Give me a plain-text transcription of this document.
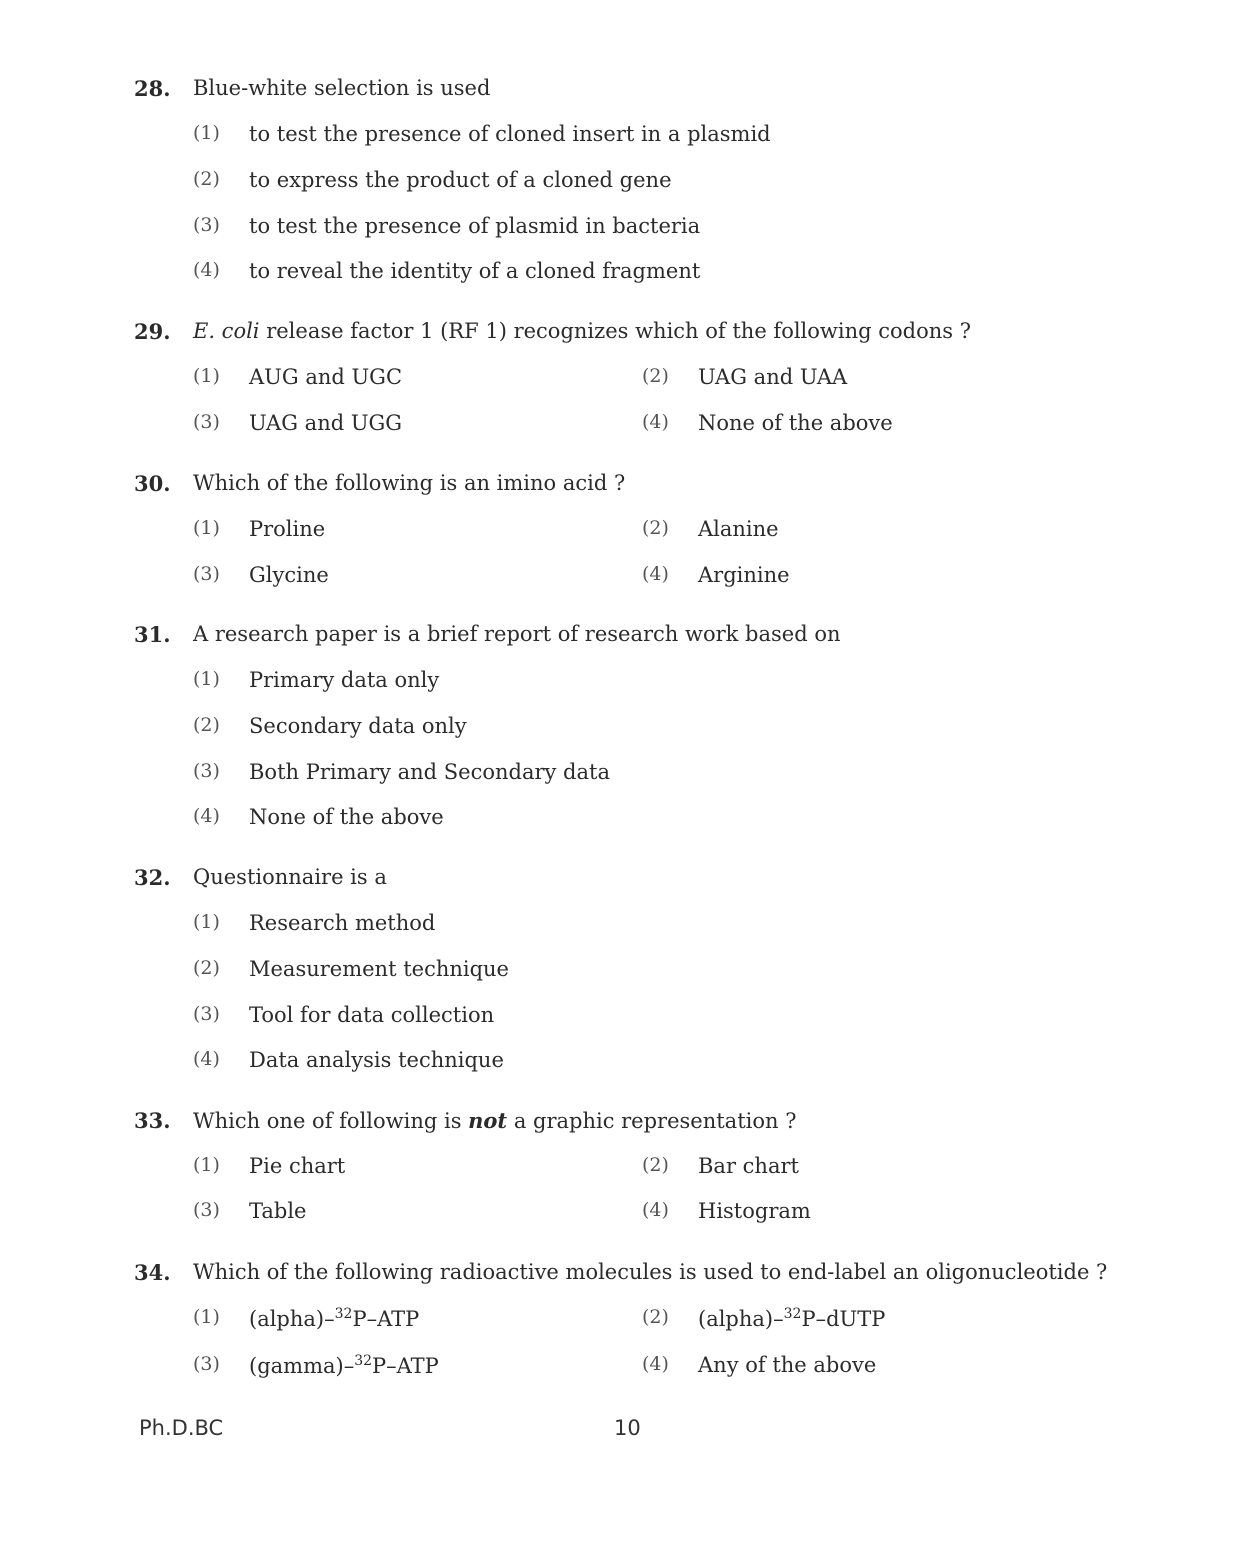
28. Blue-white selection is used
(1) to test the presence of cloned insert in a plasmid
(2) to express the product of a cloned gene
(3) to test the presence of plasmid in bacteria
(4) to reveal the identity of a cloned fragment
29. E. coli release factor 1 (RF 1) recognizes which of the following codons ?
(1) AUG and UGC	(2) UAG and UAA
(3) UAG and UGG	(4) None of the above
30. Which of the following is an imino acid ?
(1) Proline	(2) Alanine
(3) Glycine	(4) Arginine
31. A research paper is a brief report of research work based on
(1) Primary data only
(2) Secondary data only
(3) Both Primary and Secondary data
(4) None of the above
32. Questionnaire is a
(1) Research method
(2) Measurement technique
(3) Tool for data collection
(4) Data analysis technique
33. Which one of following is not a graphic representation ?
(1) Pie chart	(2) Bar chart
(3) Table	(4) Histogram
34. Which of the following radioactive molecules is used to end-label an oligonucleotide ?
(1) (alpha)–$^{32}$P–ATP	(2) (alpha)–$^{32}$P–dUTP
(3) (gamma)–$^{32}$P–ATP	(4) Any of the above
Ph.D.BC	10
